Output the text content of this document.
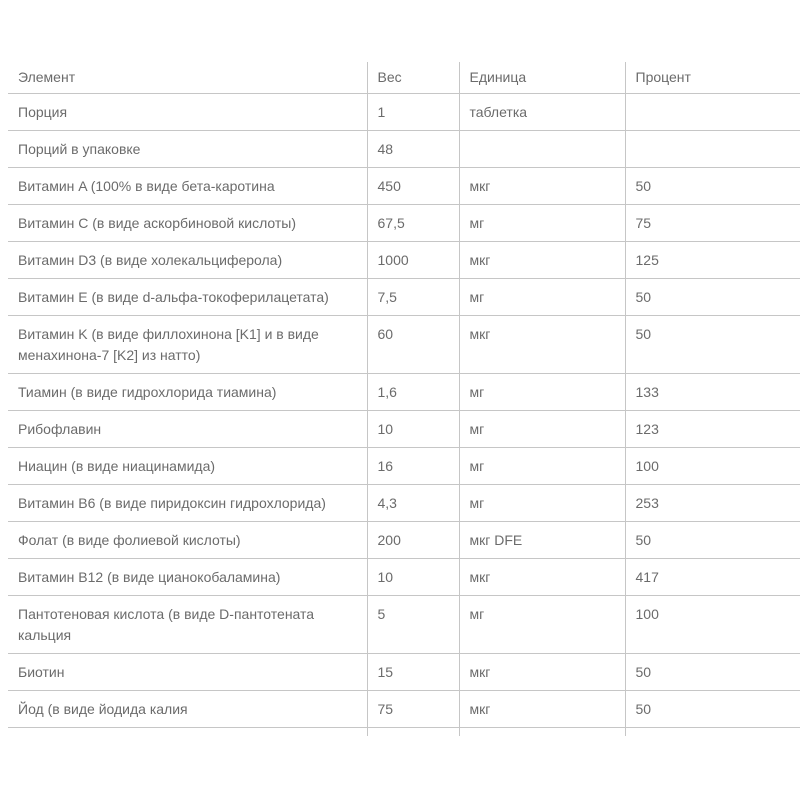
Элемент	Вес	Единица	Процент
Порция	1	таблетка	
Порций в упаковке	48		
Витамин A (100% в виде бета-каротина	450	мкг	50
Витамин C (в виде аскорбиновой кислоты)	67,5	мг	75
Витамин D3 (в виде холекальциферола)	1000	мкг	125
Витамин E (в виде d-альфа-токоферилацетата)	7,5	мг	50
Витамин K (в виде филлохинона [K1] и в виде менахинона-7 [K2] из натто)	60	мкг	50
Тиамин (в виде гидрохлорида тиамина)	1,6	мг	133
Рибофлавин	10	мг	123
Ниацин (в виде ниацинамида)	16	мг	100
Витамин B6 (в виде пиридоксин гидрохлорида)	4,3	мг	253
Фолат (в виде фолиевой кислоты)	200	мкг DFE	50
Витамин B12 (в виде цианокобаламина)	10	мкг	417
Пантотеновая кислота (в виде D-пантотената кальция	5	мг	100
Биотин	15	мкг	50
Йод (в виде йодида калия	75	мкг	50
